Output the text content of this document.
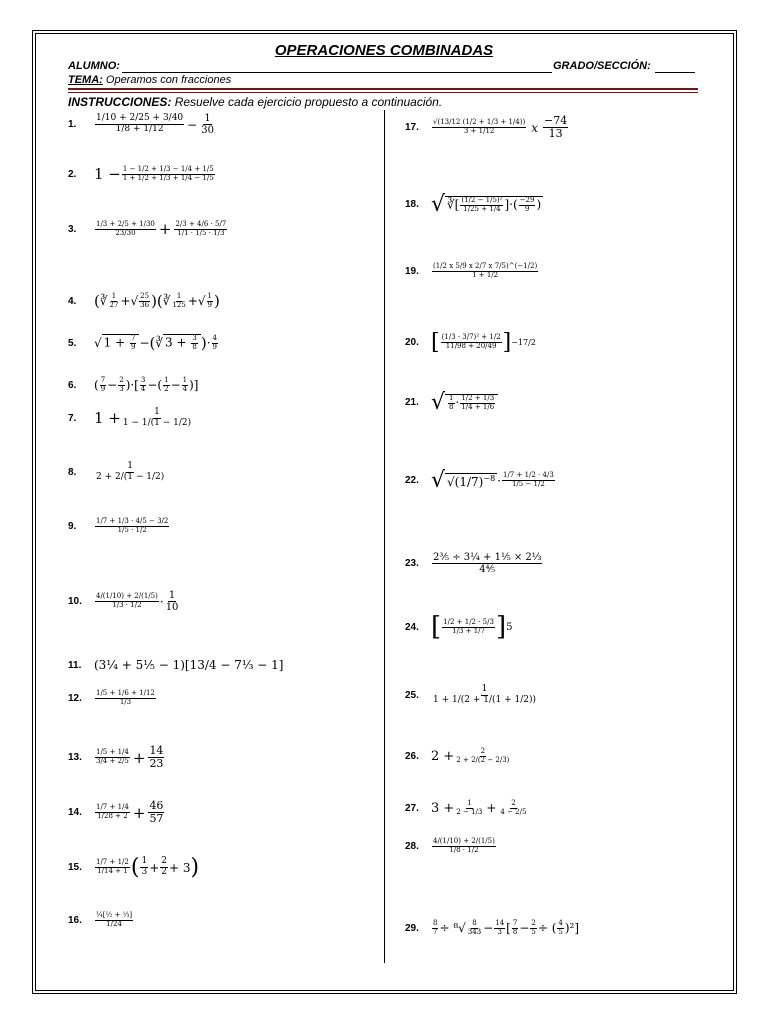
OPERACIONES COMBINADAS
ALUMNO:	GRADO/SECCIÓN:
TEMA: Operamos con fracciones
INSTRUCCIONES: Resuelve cada ejercicio propuesto a continuación.
1.
1/10 + 2/25 + 3/40
$1/8 + 1/12 - \frac{1}{30}$
2.	$1 - \frac{1 - 1/2 + 1/3 - 1/4 + 1/5}{1 + 1/2 + 1/3 + 1/4 - 1/5}$
3.	1/3 + 2/5 + 1/30
$23/30 + \frac{2/3 + 4/6 \cdot 5/7}{1/1 \cdot 1/5 \cdot 1/3}$
4.	( ∛ 1
27 +√ 25
36 )( ∛ 1
125 +√ 1
9 )
5.	√ $1 + \frac{7}{9}$ − ( ∛ $3 + \frac{3}{8}$ ) · 4
9
6.	( 7
9 − 2
3 )·[ 3
4 −( 1
2 − 1
4 )]
7.	$1 + \frac{1}{1 - 1/(1 - 1/2)}$
8.
1
2 + 2/(1 − 1/2)
9.	1/7 + 1/3 · 4/5 − 3/2
1/5 · 1/2
10.	4/(1/10) + 2/(1/5)
1/3 · 1/2 · 1
10
11.	(3¼ + 5⅕ − 1)[13/4 − 7⅓ − 1]
12.	1/5 + 1/6 + 1/12
1/3
13.	1/5 + 1/4
$3/4 + 2/5 + \frac{14}{23}$
14.	1/7 + 1/4
$1/28 + 2 + \frac{46}{57}$
15.	1/7 + 1/2
1/14 + 1 ( 1
3 + 2
2 + 3 )
16.	¼[½ + ⅓]
1/24
17.	√(13/12 (1/2 + 1/3 + 1/4))
3 + 1/12	x
−74
13
18. √ ∛[ $\frac{\text{(1/2 − 1/5)²}}{1/25 + 1/4}$ ]·( $\frac{-29}{9}$ )
19.	(1/2 x 5/9 x 2/7 x 7/5)^(−1/2)
1 + 1/2
20. [ (1/3 · 3/7)² + 1/2
11/98 + 20/49 ] −17/2
21. √ $\frac{1}{8} \cdot \frac{1/2 + 1/3}{1/4 + 1/6}$
22. √ $√(1/7)^{-8} \cdot 1/7 + 1/2 \cdot 4/3$
1/5 − 1/2
23.
2⅗ ÷ 3¼ + 1⅕ × 2⅓
4⅘
24. [ 1/2 + 1/2 · 5/3
1/3 + 1/7 ] 5
25.
1
1 + 1/(2 + 1/(1 + 1/2))
26. $2 + \frac{2}{2 + 2/(2 - 2/3)}$
27. $3 + \frac{1}{2 - 1/3} + \frac{2}{4 - 2/5}$
28.	4/(1/10) + 2/(1/5)
1/8 · 1/2
29.	8
7 ÷ ⁸√ 8
343 − 14
3 [ 7
8 − 2
5 ÷ ( 4
5 )²]
